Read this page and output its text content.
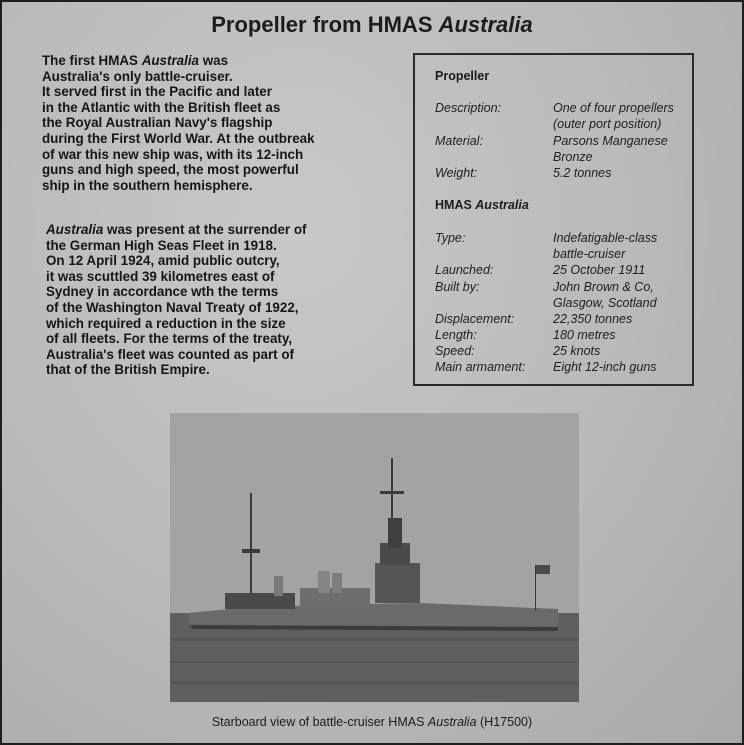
Propeller from HMAS Australia
The first HMAS Australia was
Australia's only battle-cruiser.
It served first in the Pacific and later
in the Atlantic with the British fleet as
the Royal Australian Navy's flagship
during the First World War. At the outbreak
of war this new ship was, with its 12-inch
guns and high speed, the most powerful
ship in the southern hemisphere.
Australia was present at the surrender of
the German High Seas Fleet in 1918.
On 12 April 1924, amid public outcry,
it was scuttled 39 kilometres east of
Sydney in accordance wth the terms
of the Washington Naval Treaty of 1922,
which required a reduction in the size
of all fleets. For the terms of the treaty,
Australia's fleet was counted as part of
that of the British Empire.
Propeller
Description:	One of four propellers
(outer port position)
Material:	Parsons Manganese
Bronze
Weight:	5.2 tonnes
HMAS Australia
Type:	Indefatigable-class
battle-cruiser
Launched:	25 October 1911
Built by:	John Brown & Co,
Glasgow, Scotland
Displacement:	22,350 tonnes
Length:	180 metres
Speed:	25 knots
Main armament: Eight 12-inch guns
Starboard view of battle-cruiser HMAS Australia (H17500)
